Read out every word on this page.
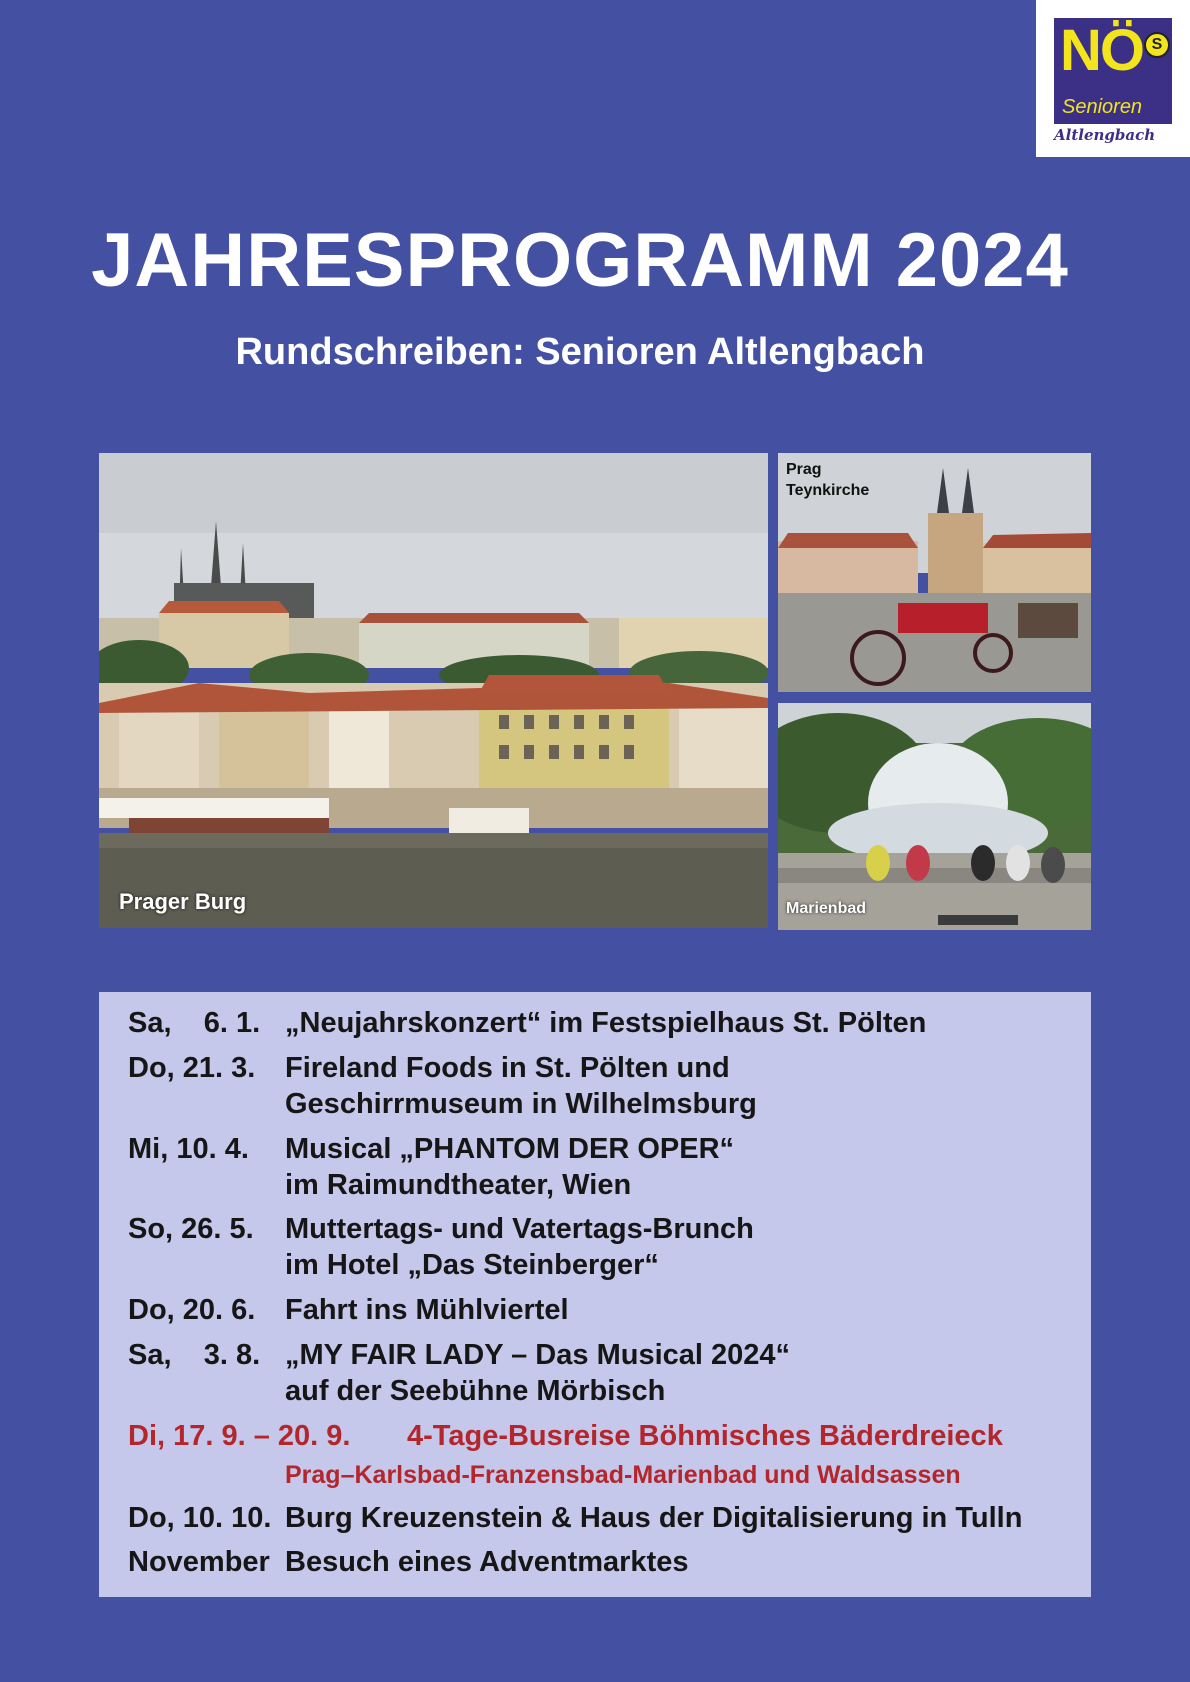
NÖ S
Senioren
Altlengbach
JAHRESPROGRAMM 2024
Rundschreiben: Senioren Altlengbach
Prager Burg
Prag
Teynkirche
Marienbad
Sa,    6. 1. „Neujahrskonzert“ im Festspielhaus St. Pölten
Do, 21. 3. Fireland Foods in St. Pölten und
Geschirrmuseum in Wilhelmsburg
Mi, 10. 4. Musical „PHANTOM DER OPER“
im Raimundtheater, Wien
So, 26. 5. Muttertags- und Vatertags-Brunch
im Hotel „Das Steinberger“
Do, 20. 6. Fahrt ins Mühlviertel
Sa,    3. 8. „MY FAIR LADY – Das Musical 2024“
auf der Seebühne Mörbisch
Di, 17. 9. – 20. 9. 4-Tage-Busreise Böhmisches Bäderdreieck
Prag–Karlsbad-Franzensbad-Marienbad und Waldsassen
Do, 10. 10. Burg Kreuzenstein & Haus der Digitalisierung in Tulln
November Besuch eines Adventmarktes
